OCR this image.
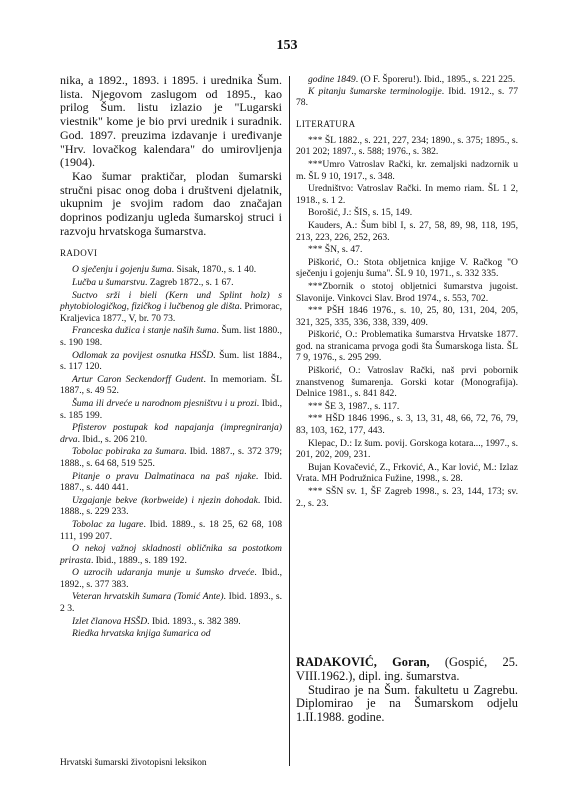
153

nika, a 1892., 1893. i 1895. i urednika Šum. lista. Njegovom zaslugom od 1895., kao prilog Šum. listu izlazio je "Lugarski viestnik" kome je bio prvi urednik i suradnik. God. 1897. preuzima izdavanje i uređivanje "Hrv. lovačkog kalendara" do umirovljenja (1904).

Kao šumar praktičar, plodan šumarski stručni pisac onog doba i društveni djelatnik, ukupnim je svojim radom dao značajan doprinos podizanju ugleda šumarskoj struci i razvoju hrvatskoga šumarstva.

RADOVI

O sječenju i gojenju šuma. Sisak, 1870., s. 1 40.

Lučba u šumarstvu. Zagreb 1872., s. 1 67.

Suctvo srži i bieli (Kern und Splint holz) s phytobiologičkog, fizičkog i lučbenog gle dišta. Primorac, Kraljevica 1877., V, br. 70 73.

Franceska dužica i stanje naših šuma. Šum. list 1880., s. 190 198.

Odlomak za povijest osnutka HSŠD. Šum. list 1884., s. 117 120.

Artur Caron Seckendorff Gudent. In memoriam. ŠL 1887., s. 49 52.

Šuma ili drveće u narodnom pjesništvu i u prozi. Ibid., s. 185 199.

Pfisterov postupak kod napajanja (impregniranja) drva. Ibid., s. 206 210.

Tobolac pobiraka za šumara. Ibid. 1887., s. 372 379; 1888., s. 64 68, 519 525.

Pitanje o pravu Dalmatinaca na paš njake. Ibid. 1887., s. 440 441.

Uzgajanje bekve (korbweide) i njezin dohodak. Ibid. 1888., s. 229 233.

Tobolac za lugare. Ibid. 1889., s. 18 25, 62 68, 108 111, 199 207.

O nekoj važnoj skladnosti obličnika sa postotkom prirasta. Ibid., 1889., s. 189 192.

O uzrocih udaranja munje u šumsko drveće. Ibid., 1892., s. 377 383.

Veteran hrvatskih šumara (Tomić Ante). Ibid. 1893., s. 2 3.

Izlet članova HSŠD. Ibid. 1893., s. 382 389.

Riedka hrvatska knjiga šumarica od

godine 1849. (O F. Šporeru!). Ibid., 1895., s. 221 225.

K pitanju šumarske terminologije. Ibid. 1912., s. 77 78.

LITERATURA

*** ŠL 1882., s. 221, 227, 234; 1890., s. 375; 1895., s. 201 202; 1897., s. 588; 1976., s. 382.

***Umro Vatroslav Rački, kr. zemaljski nadzornik u m. ŠL 9 10, 1917., s. 348.

Uredništvo: Vatroslav Rački. In memo riam. ŠL 1 2, 1918., s. 1 2.

Borošić, J.: ŠIS, s. 15, 149.

Kauders, A.: Šum bibl I, s. 27, 58, 89, 98, 118, 195, 213, 223, 226, 252, 263.

*** ŠN, s. 47.

Piškorić, O.: Stota obljetnica knjige V. Račkog "O sječenju i gojenju šuma". ŠL 9 10, 1971., s. 332 335.

***Zbornik o stotoj obljetnici šumarstva jugoist. Slavonije. Vinkovci Slav. Brod 1974., s. 553, 702.

*** PŠH 1846 1976., s. 10, 25, 80, 131, 204, 205, 321, 325, 335, 336, 338, 339, 409.

Piškorić, O.: Problematika šumarstva Hrvatske 1877. god. na stranicama prvoga godi šta Šumarskoga lista. ŠL 7 9, 1976., s. 295 299.

Piškorić, O.: Vatroslav Rački, naš prvi pobornik znanstvenog šumarenja. Gorski kotar (Monografija). Delnice 1981., s. 841 842.

*** ŠE 3, 1987., s. 117.

*** HŠD 1846 1996., s. 3, 13, 31, 48, 66, 72, 76, 79, 83, 103, 162, 177, 443.

Klepac, D.: Iz šum. povij. Gorskoga kotara..., 1997., s. 201, 202, 209, 231.

Bujan Kovačević, Z., Frković, A., Kar lović, M.: Izlaz Vrata. MH Podružnica Fužine, 1998., s. 28.

*** SŠN sv. 1, ŠF Zagreb 1998., s. 23, 144, 173; sv. 2., s. 23.

RADAKOVIĆ, Goran, (Gospić, 25. VIII.1962.), dipl. ing. šumarstva.

Studirao je na Šum. fakultetu u Zagrebu. Diplomirao je na Šumarskom odjelu 1.II.1988. godine.

Hrvatski šumarski životopisni leksikon
